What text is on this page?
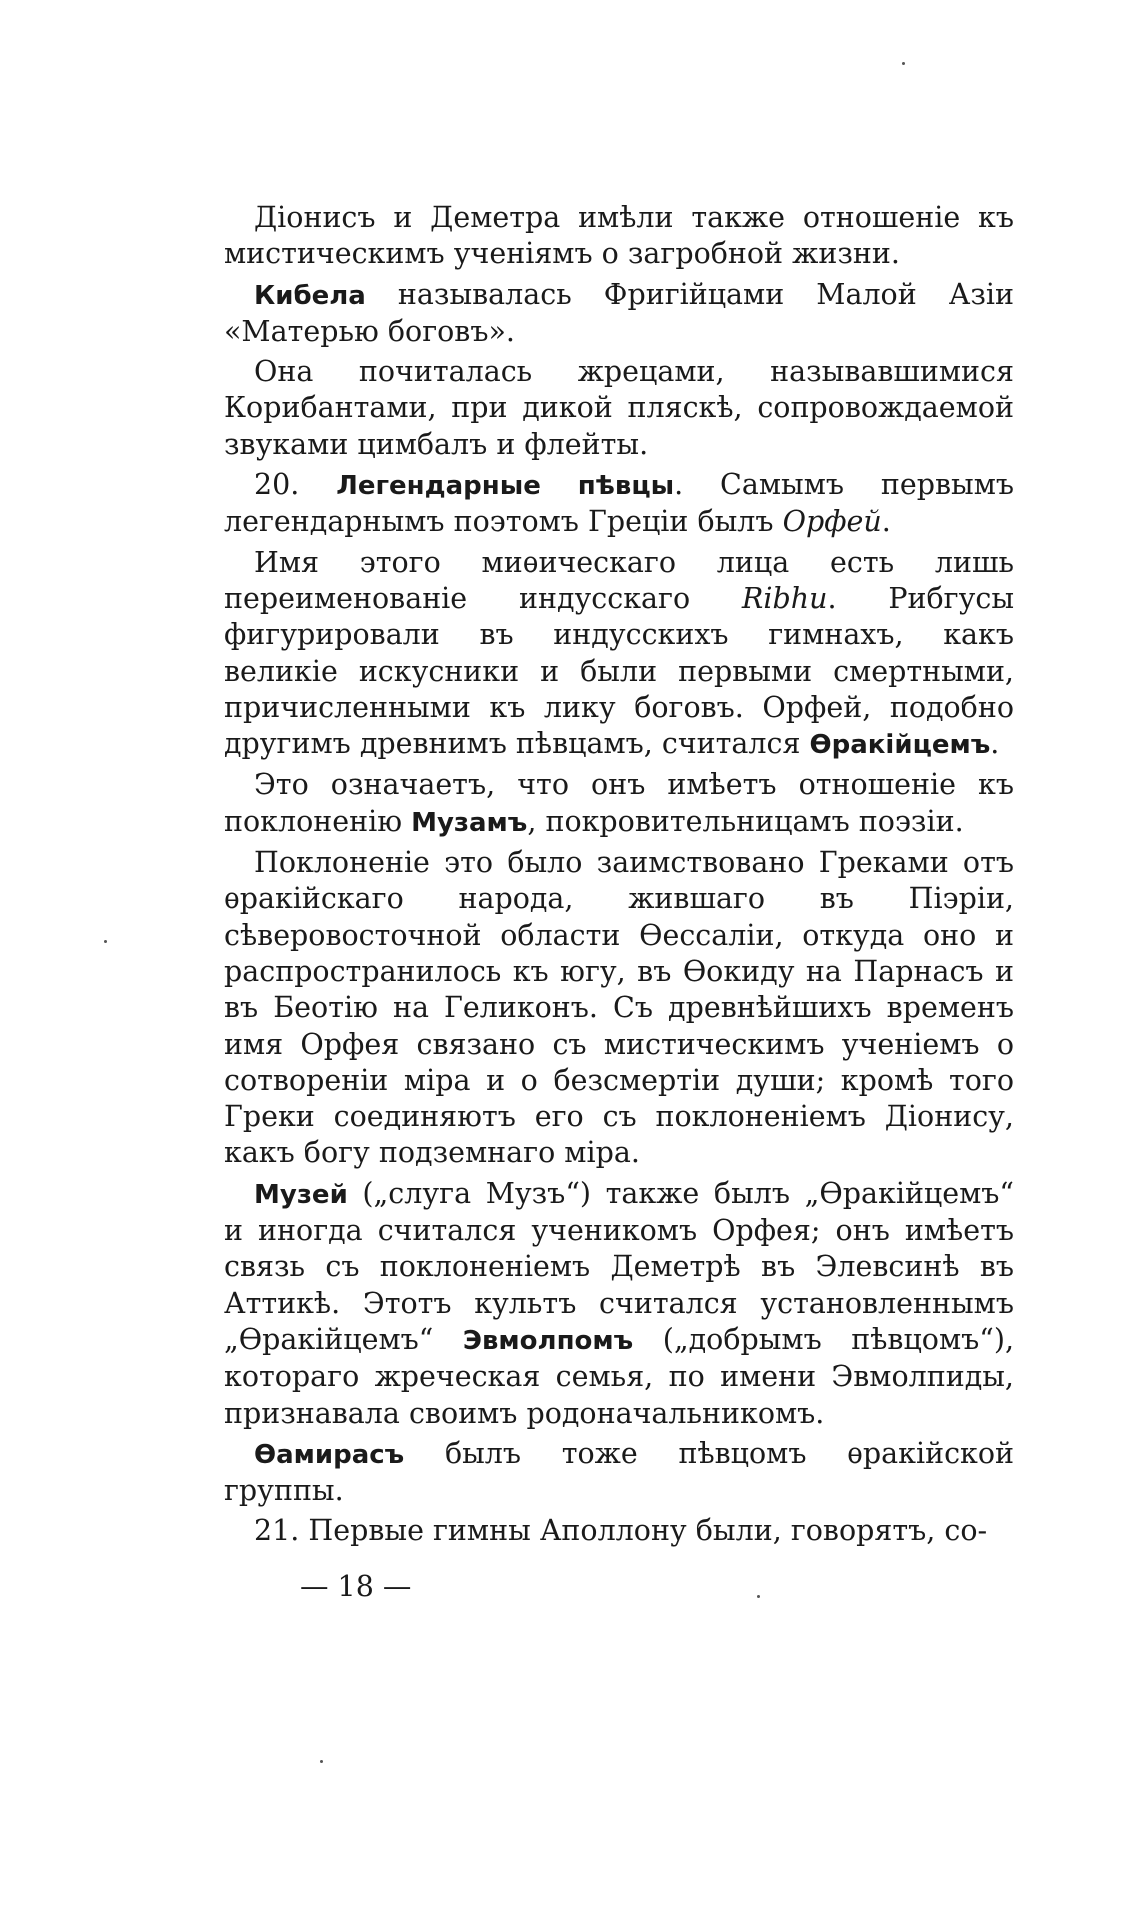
Діонисъ и Деметра имѣли также отношеніе къ мистическимъ ученіямъ о загробной жизни.

Кибела называлась Фригійцами Малой Азіи «Матерью боговъ».

Она почиталась жрецами, называвшимися Корибантами, при дикой пляскѣ, сопровождаемой звуками цимбалъ и флейты.

20. Легендарные пѣвцы. Самымъ первымъ легендарнымъ поэтомъ Греціи былъ Орфей.

Имя этого миѳическаго лица есть лишь переименованіе индусскаго Ribhu. Рибгусы фигурировали въ индусскихъ гимнахъ, какъ великіе искусники и были первыми смертными, причисленными къ лику боговъ. Орфей, подобно другимъ древнимъ пѣвцамъ, считался Ѳракійцемъ.

Это означаетъ, что онъ имѣетъ отношеніе къ поклоненію Музамъ, покровительницамъ поэзіи.

Поклоненіе это было заимствовано Греками отъ ѳракійскаго народа, жившаго въ Піэріи, сѣверовосточной области Ѳессаліи, откуда оно и распространилось къ югу, въ Ѳокиду на Парнасъ и въ Беотію на Геликонъ. Съ древнѣйшихъ временъ имя Орфея связано съ мистическимъ ученіемъ о сотвореніи міра и о безсмертіи души; кромѣ того Греки соединяютъ его съ поклоненіемъ Діонису, какъ богу подземнаго міра.

Музей („слуга Музъ“) также былъ „Ѳракійцемъ“ и иногда считался ученикомъ Орфея; онъ имѣетъ связь съ поклоненіемъ Деметрѣ въ Элевсинѣ въ Аттикѣ. Этотъ культъ считался установленнымъ „Ѳракійцемъ“ Эвмолпомъ („добрымъ пѣвцомъ“), котораго жреческая семья, по имени Эвмолпиды, признавала своимъ родоначальникомъ.

Ѳамирасъ былъ тоже пѣвцомъ ѳракійской группы.

21. Первые гимны Аполлону были, говорятъ, со-

— 18 —
